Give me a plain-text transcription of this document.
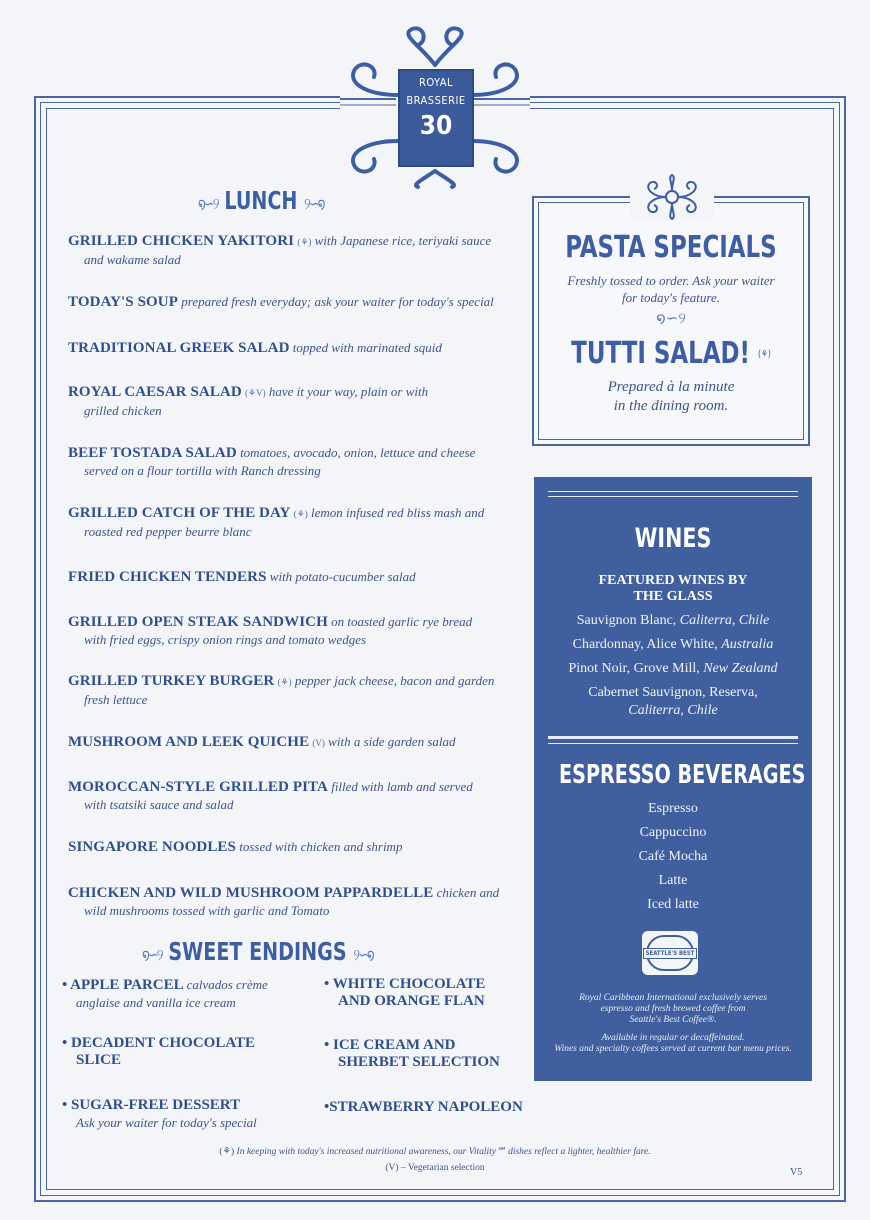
ROYAL
BRASSERIE
30
໑∽୨ LUNCH ୨∽໑
GRILLED CHICKEN YAKITORI (⚘) with Japanese rice, teriyaki sauce
and wakame salad
TODAY'S SOUP prepared fresh everyday; ask your waiter for today's special
TRADITIONAL GREEK SALAD topped with marinated squid
ROYAL CAESAR SALAD (⚘V) have it your way, plain or with
grilled chicken
BEEF TOSTADA SALAD tomatoes, avocado, onion, lettuce and cheese
served on a flour tortilla with Ranch dressing
GRILLED CATCH OF THE DAY (⚘) lemon infused red bliss mash and
roasted red pepper beurre blanc
FRIED CHICKEN TENDERS with potato-cucumber salad
GRILLED OPEN STEAK SANDWICH on toasted garlic rye bread
with fried eggs, crispy onion rings and tomato wedges
GRILLED TURKEY BURGER (⚘) pepper jack cheese, bacon and garden
fresh lettuce
MUSHROOM AND LEEK QUICHE (V) with a side garden salad
MOROCCAN-STYLE GRILLED PITA filled with lamb and served
with tsatsiki sauce and salad
SINGAPORE NOODLES tossed with chicken and shrimp
CHICKEN AND WILD MUSHROOM PAPPARDELLE chicken and
wild mushrooms tossed with garlic and Tomato
໑∽୨ SWEET ENDINGS ୨∽໑
• APPLE PARCEL calvados crème
anglaise and vanilla ice cream
• WHITE CHOCOLATE
AND ORANGE FLAN
• DECADENT CHOCOLATE
SLICE
• ICE CREAM AND
SHERBET SELECTION
• SUGAR-FREE DESSERT
Ask your waiter for today's special
•STRAWBERRY NAPOLEON
PASTA SPECIALS
Freshly tossed to order. Ask your waiter
for today's feature.
໑∽୨
TUTTI SALAD! (⚘)
Prepared à la minute
in the dining room.
WINES
FEATURED WINES BY
THE GLASS
Sauvignon Blanc, Caliterra, Chile
Chardonnay, Alice White, Australia
Pinot Noir, Grove Mill, New Zealand
Cabernet Sauvignon, Reserva,
Caliterra, Chile
ESPRESSO BEVERAGES
Espresso
Cappuccino
Café Mocha
Latte
Iced latte
SEATTLE'S BEST
Royal Caribbean International exclusively serves
espresso and fresh brewed coffee from
Seattle's Best Coffee®.
Available in regular or decaffeinated.
Wines and specialty coffees served at current bar menu prices.
(⚘) In keeping with today's increased nutritional awareness, our Vitality℠ dishes reflect a lighter, healthier fare.
(V) – Vegetarian selection	V5
